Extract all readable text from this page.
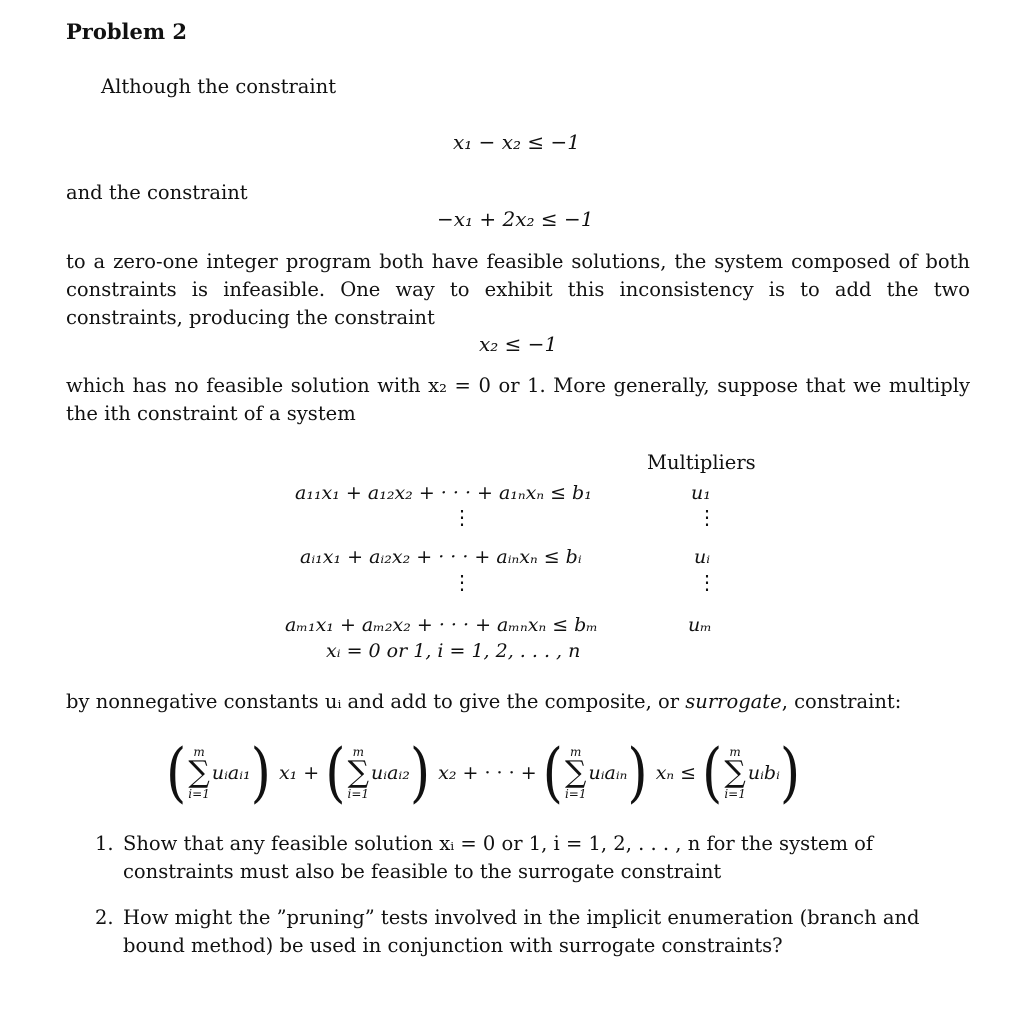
Problem 2
Although the constraint
x₁ − x₂ ≤ −1
and the constraint
−x₁ + 2x₂ ≤ −1
to a zero-one integer program both have feasible solutions, the system composed of both constraints is infeasible. One way to exhibit this inconsistency is to add the two constraints, producing the constraint
x₂ ≤ −1
which has no feasible solution with x₂ = 0 or 1. More generally, suppose that we multiply the ith constraint of a system
Multipliers
a₁₁x₁ + a₁₂x₂ + · · · + a₁ₙxₙ ≤ b₁
⋮
aᵢ₁x₁ + aᵢ₂x₂ + · · · + aᵢₙxₙ ≤ bᵢ
⋮
aₘ₁x₁ + aₘ₂x₂ + · · · + aₘₙxₙ ≤ bₘ
xᵢ = 0 or 1, i = 1, 2, . . . , n
u₁
⋮
uᵢ
⋮
uₘ
by nonnegative constants uᵢ and add to give the composite, or surrogate, constraint:
( m
∑
i=1
uᵢaᵢ₁ ) x₁ + ( m
∑
i=1
uᵢaᵢ₂ ) x₂ + · · · + ( m
∑
i=1
uᵢaᵢₙ ) xₙ ≤ ( m
∑
i=1
uᵢbᵢ )
1. Show that any feasible solution xᵢ = 0 or 1, i = 1, 2, . . . , n for the system of constraints must also be feasible to the surrogate constraint
2. How might the ”pruning” tests involved in the implicit enumeration (branch and bound method) be used in conjunction with surrogate constraints?
